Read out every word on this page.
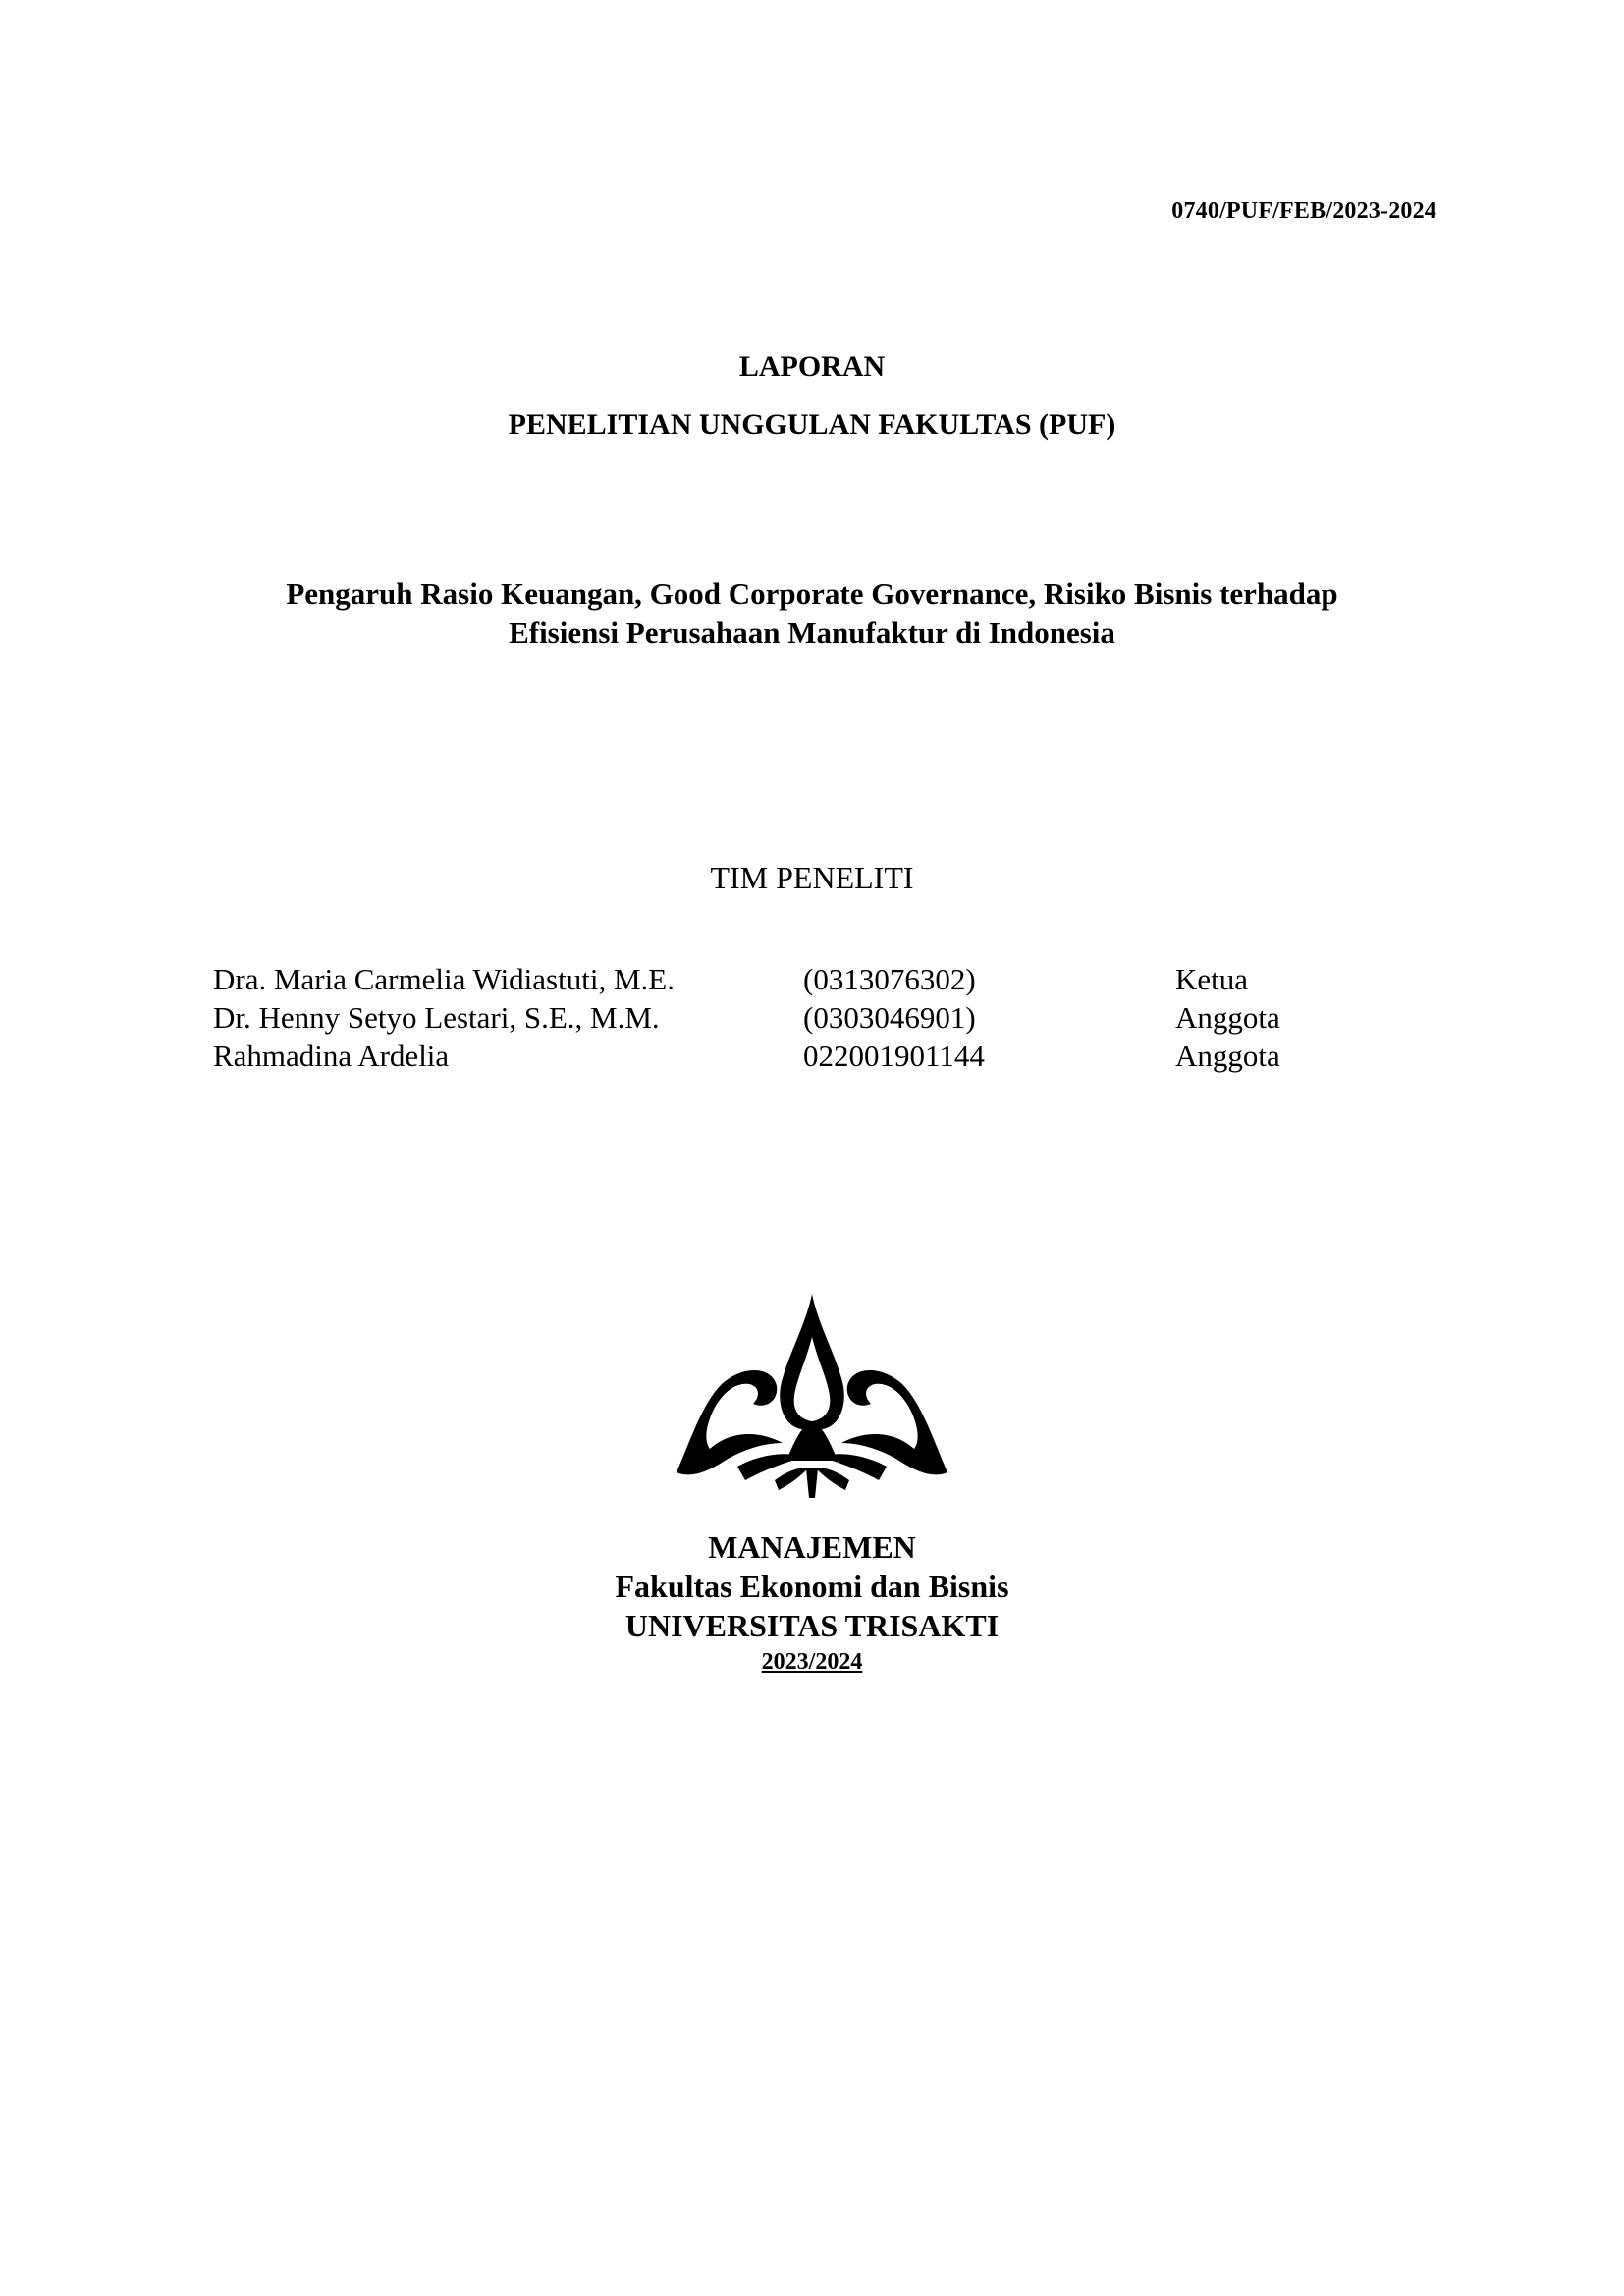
0740/PUF/FEB/2023-2024
LAPORAN
PENELITIAN UNGGULAN FAKULTAS (PUF)
Pengaruh Rasio Keuangan, Good Corporate Governance, Risiko Bisnis terhadap
Efisiensi Perusahaan Manufaktur di Indonesia
TIM PENELITI
Dra. Maria Carmelia Widiastuti, M.E.	(0313076302)	Ketua
Dr. Henny Setyo Lestari, S.E., M.M.	(0303046901)	Anggota
Rahmadina Ardelia	022001901144	Anggota
MANAJEMEN
Fakultas Ekonomi dan Bisnis
UNIVERSITAS TRISAKTI
2023/2024
